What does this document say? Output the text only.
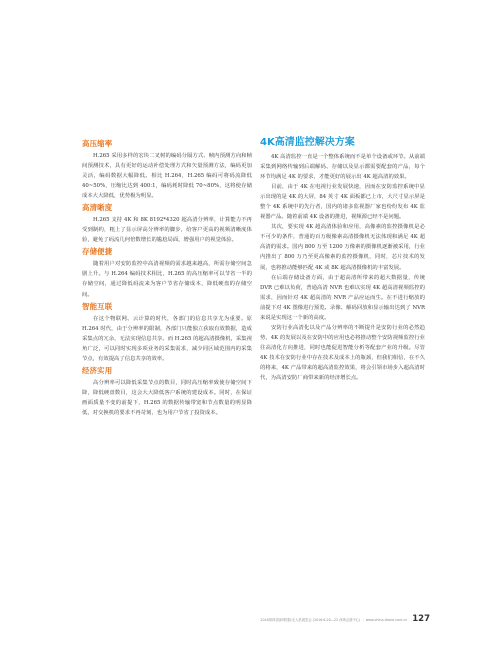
高压缩率

H.265 采用多样的宏块二叉树的编码分隔方式、帧内预测方向和帧间预测技术，具有更好的运动补偿处理方式和矢量预测方法，编码更加灵活，编码数据大幅降低。相比 H.264，H.265 编码可将码流降低 40~50%，压缩比达到 400:1，编码耗时降低 70~80%，这将使存储成本大大降低，优势极为明显。

高清晰度

H.265 支持 4K 和 8K 8192*4320 超高清分辨率，计算能力不再受到制约，粗上了显示屏高分辨率的脚步，给客户更高的视频清晰度体验，避免了码流几何倍数增长的尴尬局面，增强用户的视觉体验。

存储便捷

随着用户对安防监控中高清视频的需求越来越高，所需存储空间急剧上升。与 H.264 编码技术相比，H.265 的高压缩率可以节省一半的存储空间，通过降低码流来为客户节省存储成本，降低硬盘的存储空间。

智能互联

在这个物联网、云计算的时代，各部门的信息共享尤为重要。原 H.264 时代，由于分辨率的限制，各部门只能独立获取有效数据，造成采集点的冗余，无法实现信息共享。而 H.265 的超高清摄像机，采集视角广泛，可以同时实现多项业务的采集需求，减少同区域范围内的采集节点，有效提高了信息共享的效率。

经济实用

高分辨率可以降低采集节点的数目，同时高压缩率致使存储空间下降，降低硬盘数目，这会大大降低客户系统的建设成本。同时，在保证画面质量不变的前提下，H.265 的数据传输带宽和节点数量的明显降低，对交换机的要求不再苛刻，也为用户节省了投资成本。

4K高清监控解决方案

4K 高清监控一直是一个整体系统而不是单个设备或环节。从前端采集到网络传输到后端解码、存储以及显示都需要配套的产品，每个环节均满足 4K 的要求，才能更好的展示出 4K 超高清的效果。

目前，由于 4K 在电视行业发展快速，因而在安防监控系统中显示出现的是 4K 的大屏，84 英寸 4K 面板都已上市，大尺寸显示屏是整个 4K 系统中的先行者，国内的诸多监视器厂家也纷纷发布 4K 监视器产品。随着前端 4K 设备的推进，视频源已经不是问题。

其次，要实现 4K 超高清体验和应用，高像素的监控摄像机是必不可少的条件，普通的百万级像素高清摄像机无法体现和满足 4K 超高清的需求。国内 800 万至 1200 万像素的摄像机逐渐被采用，行业内推出了 800 万乃至更高像素的监控摄像机，同时，芯片技术的发展，也将推动能够匹配 4K 或 8K 超高清摄像机的丰富发展。

在后端存储设备方面，由于超高清所带来的超大数据量，传统 DVR 已难以负荷，普通高清 NVR 也难以实现 4K 超高清视频监控的需求，因而针对 4K 超高清的 NVR 产品应运而生。在不进行缩放的前提下对 4K 图像进行预览、录像、解码回放和显示输出达到了 NVR 来说是实现这一个新的高度。

安防行业高清化以及产品分辨率的不断提升是安防行业的必然趋势，4K 的发展以及在安防中的应用也必将推动整个安防视频监控行业往高清化方向推进，同时也能促进智能分析等配套产业的升级。尽管 4K 技术在安防行业中存在技术及成本上的瓶颈，但我们相信，在不久的将来，4K 产品带来的超高清监控效果，将会引领市场步入超高清时代，为高清安防厂商带来新的经济增长点。

2016第四届深圳国际无人机展览会 (2016.6.20—22 深圳会展中心) ｜ www.china-drone.com.cn 127
